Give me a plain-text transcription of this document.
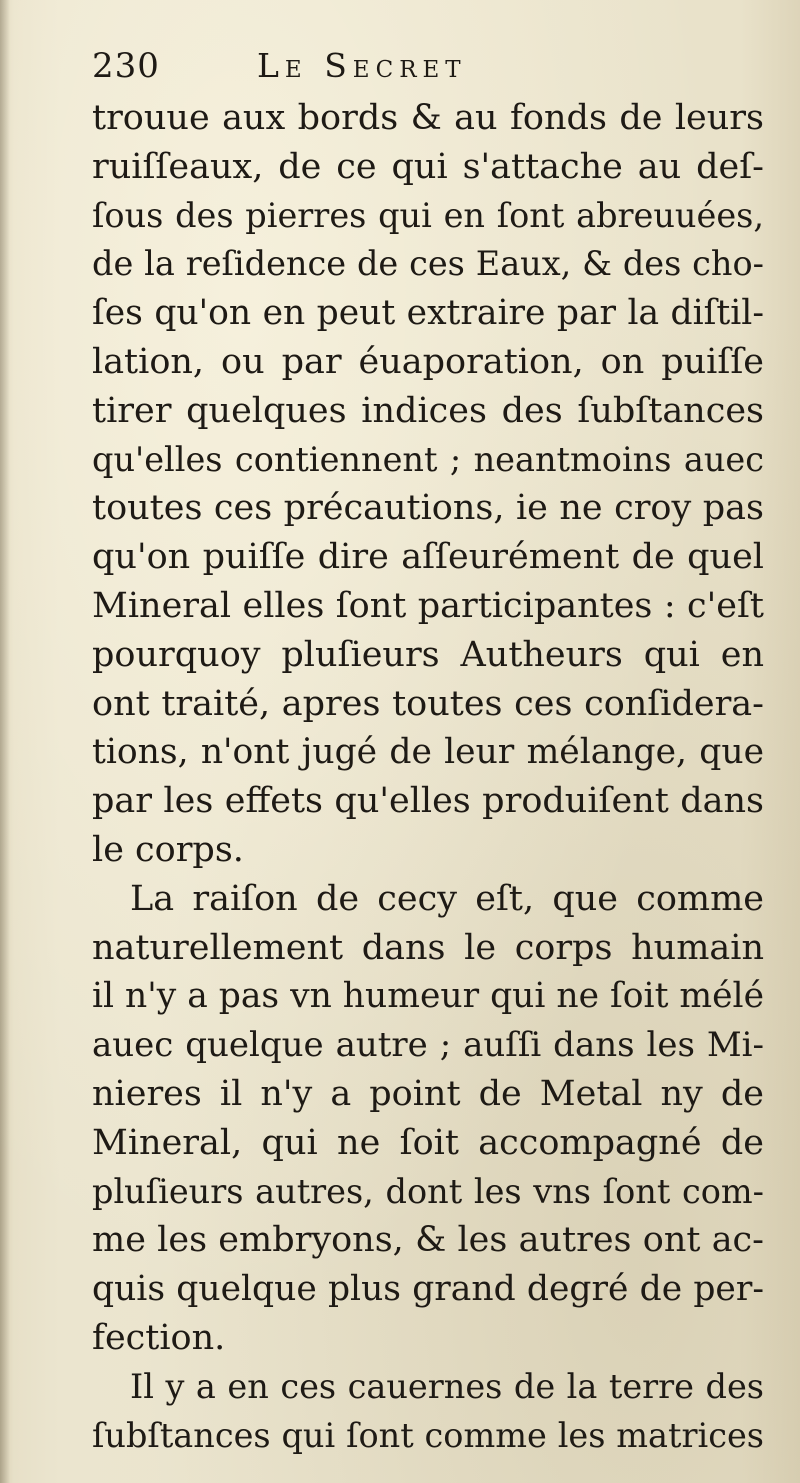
230	Le Secret
trouue aux bords & au fonds de leurs
ruiſſeaux, de ce qui s'attache au deſ-
ſous des pierres qui en ſont abreuuées,
de la reſidence de ces Eaux, & des cho-
ſes qu'on en peut extraire par la diſtil-
lation, ou par éuaporation, on puiſſe
tirer quelques indices des ſubſtances
qu'elles contiennent ; neantmoins auec
toutes ces précautions, ie ne croy pas
qu'on puiſſe dire aſſeurément de quel
Mineral elles ſont participantes : c'eſt
pourquoy pluſieurs Autheurs qui en
ont traité, apres toutes ces conſidera-
tions, n'ont jugé de leur mélange, que
par les effets qu'elles produiſent dans
le corps.
La raiſon de cecy eſt, que comme
naturellement dans le corps humain
il n'y a pas vn humeur qui ne ſoit mélé
auec quelque autre ; auſſi dans les Mi-
nieres il n'y a point de Metal ny de
Mineral, qui ne ſoit accompagné de
pluſieurs autres, dont les vns ſont com-
me les embryons, & les autres ont ac-
quis quelque plus grand degré de per-
fection.
Il y a en ces cauernes de la terre des
ſubſtances qui ſont comme les matrices
